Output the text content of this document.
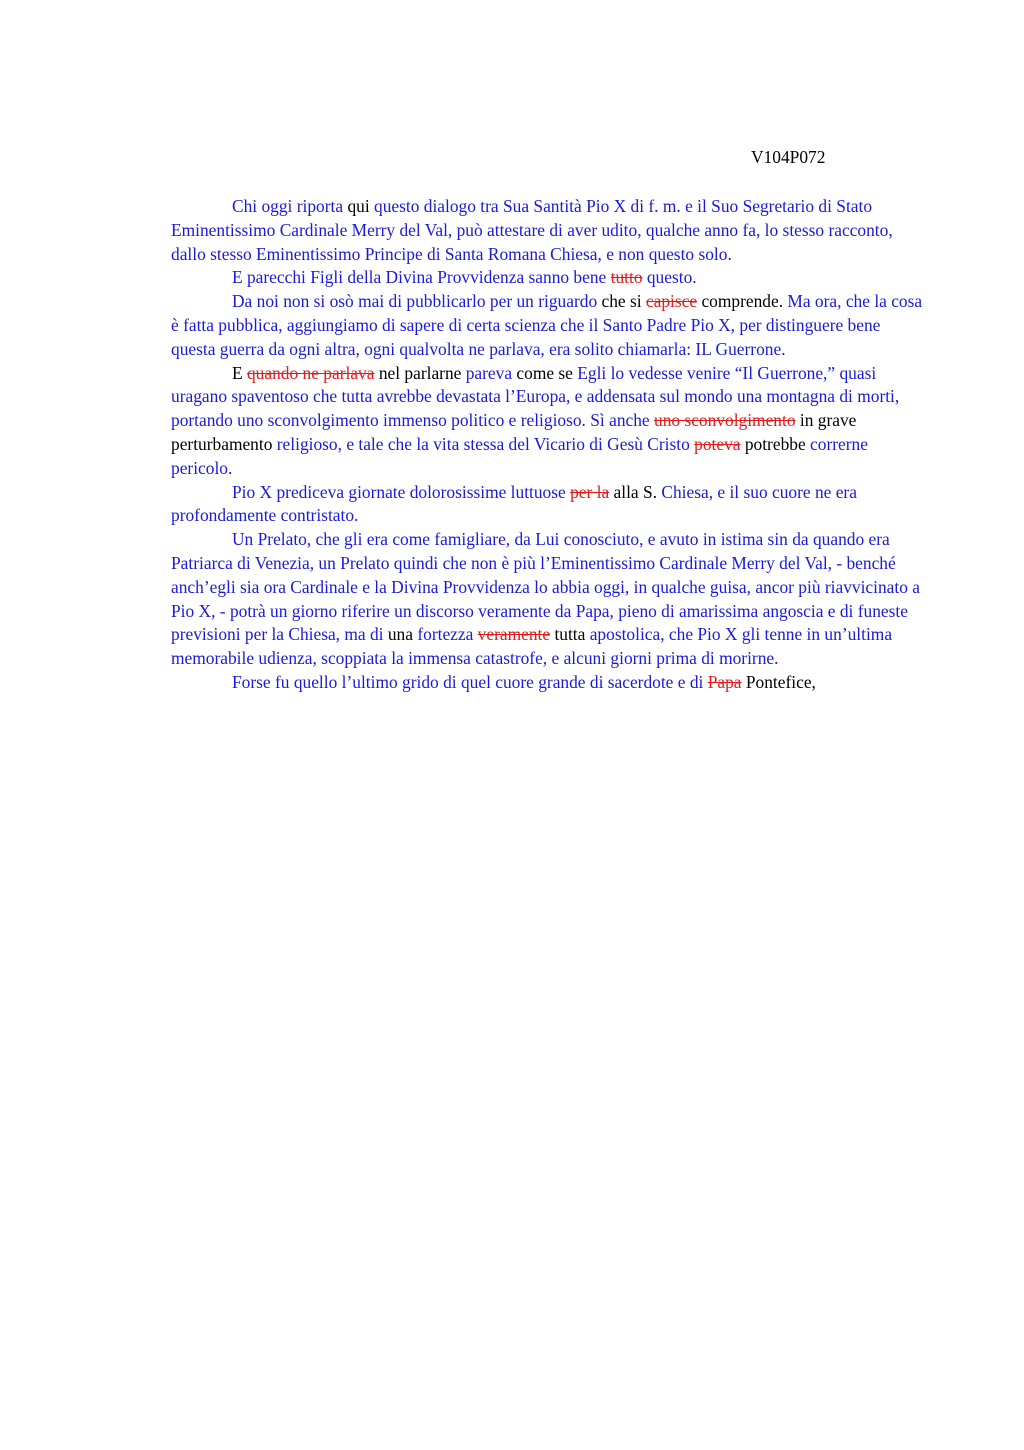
V104P072

Chi oggi riporta qui questo dialogo tra Sua Santità Pio X di f. m. e il Suo Segretario di Stato Eminentissimo Cardinale Merry del Val, può attestare di aver udito, qualche anno fa, lo stesso racconto, dallo stesso Eminentissimo Principe di Santa Romana Chiesa, e non questo solo.

E parecchi Figli della Divina Provvidenza sanno bene tutto questo.

Da noi non si osò mai di pubblicarlo per un riguardo che si capisce comprende. Ma ora, che la cosa è fatta pubblica, aggiungiamo di sapere di certa scienza che il Santo Padre Pio X, per distinguere bene questa guerra da ogni altra, ogni qualvolta ne parlava, era solito chiamarla: IL Guerrone.

E quando ne parlava nel parlarne pareva come se Egli lo vedesse venire “Il Guerrone,” quasi uragano spaventoso che tutta avrebbe devastata l’Europa, e addensata sul mondo una montagna di morti, portando uno sconvolgimento immenso politico e religioso. Sì anche uno sconvolgimento in grave perturbamento religioso, e tale che la vita stessa del Vicario di Gesù Cristo poteva potrebbe correrne pericolo.

Pio X prediceva giornate dolorosissime luttuose per la alla S. Chiesa, e il suo cuore ne era profondamente contristato.

Un Prelato, che gli era come famigliare, da Lui conosciuto, e avuto in istima sin da quando era Patriarca di Venezia, un Prelato quindi che non è più l’Eminentissimo Cardinale Merry del Val, - benché anch’egli sia ora Cardinale e la Divina Provvidenza lo abbia oggi, in qualche guisa, ancor più riavvicinato a Pio X, - potrà un giorno riferire un discorso veramente da Papa, pieno di amarissima angoscia e di funeste previsioni per la Chiesa, ma di una fortezza veramente tutta apostolica, che Pio X gli tenne in un’ultima memorabile udienza, scoppiata la immensa catastrofe, e alcuni giorni prima di morirne.

Forse fu quello l’ultimo grido di quel cuore grande di sacerdote e di Papa Pontefice,
